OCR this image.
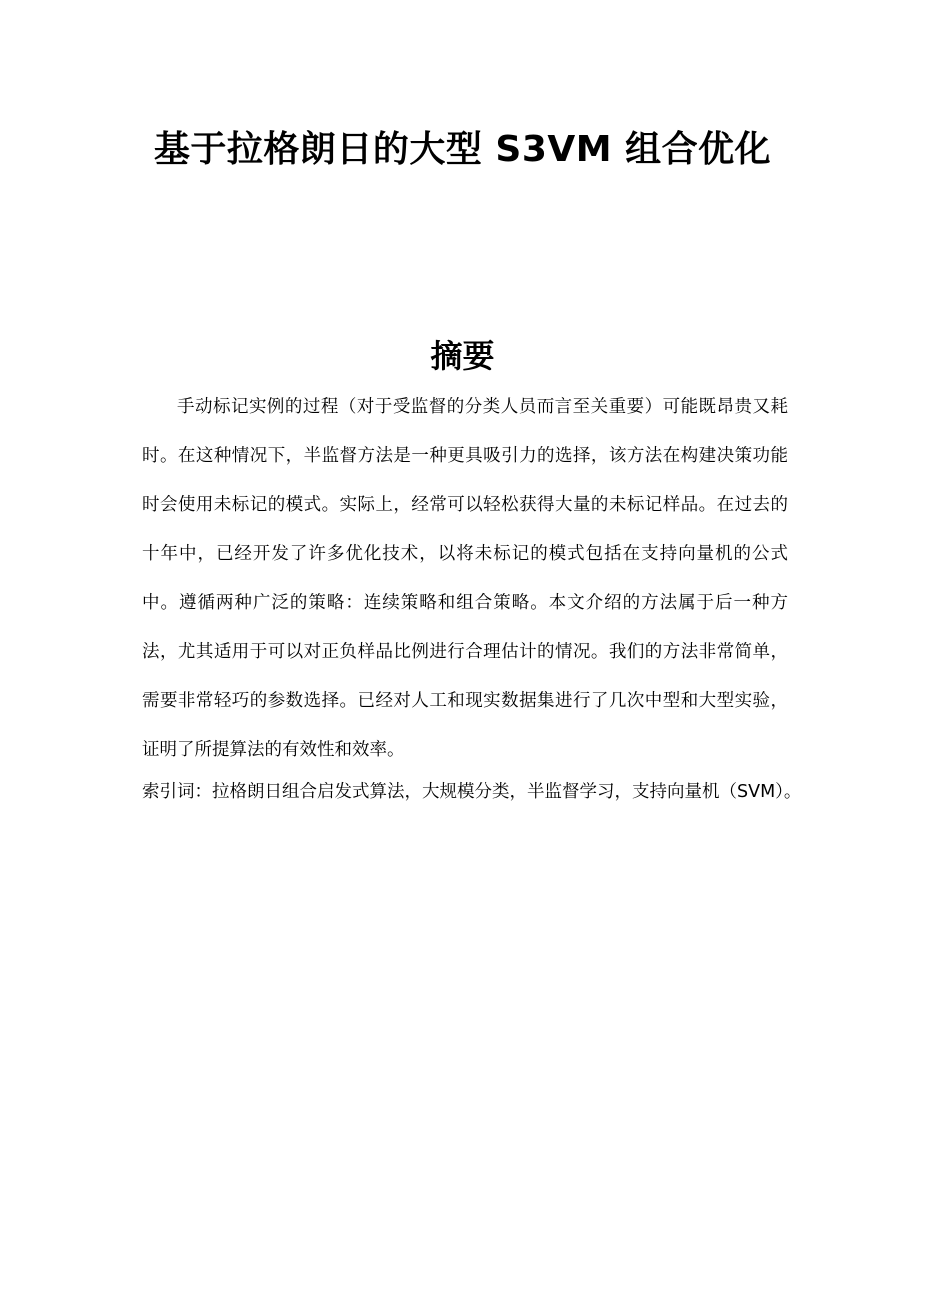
基于拉格朗日的大型 S3VM 组合优化
摘要

手动标记实例的过程（对于受监督的分类人员而言至关重要）可能既昂贵又耗时。在这种情况下，半监督方法是一种更具吸引力的选择，该方法在构建决策功能时会使用未标记的模式。实际上，经常可以轻松获得大量的未标记样品。在过去的十年中，已经开发了许多优化技术，以将未标记的模式包括在支持向量机的公式中。遵循两种广泛的策略：连续策略和组合策略。本文介绍的方法属于后一种方法，尤其适用于可以对正负样品比例进行合理估计的情况。我们的方法非常简单，需要非常轻巧的参数选择。已经对人工和现实数据集进行了几次中型和大型实验，证明了所提算法的有效性和效率。

索引词：拉格朗日组合启发式算法，大规模分类，半监督学习，支持向量机（SVM）。
